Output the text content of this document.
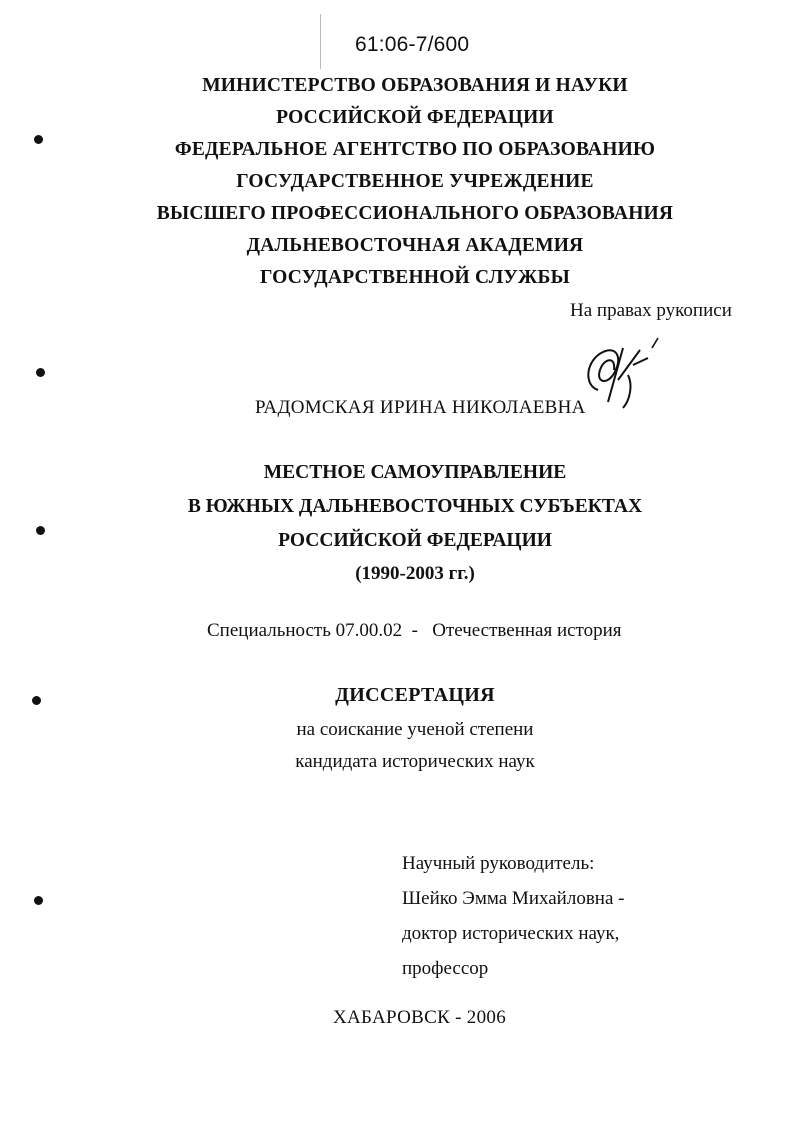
61:06-7/600
МИНИСТЕРСТВО ОБРАЗОВАНИЯ И НАУКИ
РОССИЙСКОЙ ФЕДЕРАЦИИ
ФЕДЕРАЛЬНОЕ АГЕНТСТВО ПО ОБРАЗОВАНИЮ
ГОСУДАРСТВЕННОЕ УЧРЕЖДЕНИЕ
ВЫСШЕГО ПРОФЕССИОНАЛЬНОГО ОБРАЗОВАНИЯ
ДАЛЬНЕВОСТОЧНАЯ АКАДЕМИЯ
ГОСУДАРСТВЕННОЙ СЛУЖБЫ
На правах рукописи
РАДОМСКАЯ ИРИНА НИКОЛАЕВНА
МЕСТНОЕ САМОУПРАВЛЕНИЕ
В ЮЖНЫХ ДАЛЬНЕВОСТОЧНЫХ СУБЪЕКТАХ
РОССИЙСКОЙ ФЕДЕРАЦИИ
(1990-2003 гг.)
Специальность 07.00.02  -   Отечественная история
ДИССЕРТАЦИЯ
на соискание ученой степени
кандидата исторических наук
Научный руководитель:
Шейко Эмма Михайловна -
доктор исторических наук,
профессор
ХАБАРОВСК - 2006
